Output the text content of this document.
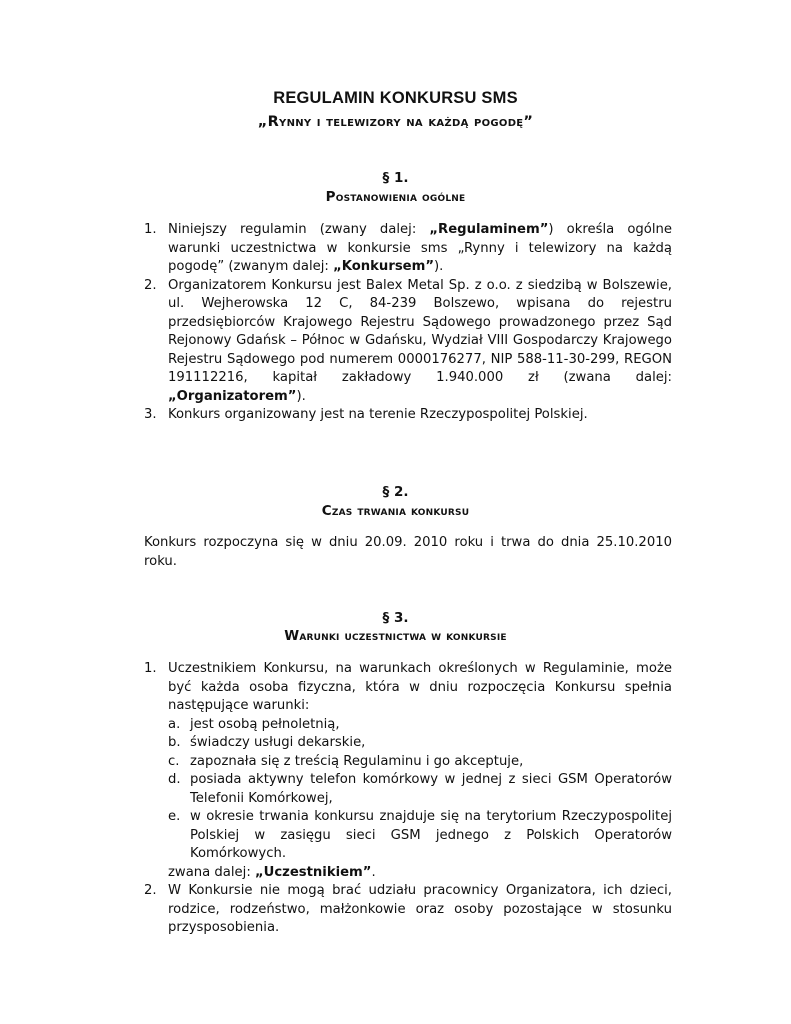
REGULAMIN KONKURSU SMS
„Rynny i telewizory na każdą pogodę”
§ 1.
Postanowienia ogólne
1. Niniejszy regulamin (zwany dalej: „Regulaminem”) określa ogólne warunki uczestnictwa w konkursie sms „Rynny i telewizory na każdą pogodę” (zwanym dalej: „Konkursem”).
2. Organizatorem Konkursu jest Balex Metal Sp. z o.o. z siedzibą w Bolszewie, ul. Wejherowska 12 C, 84-239 Bolszewo, wpisana do rejestru przedsiębiorców Krajowego Rejestru Sądowego prowadzonego przez Sąd Rejonowy Gdańsk – Północ w Gdańsku, Wydział VIII Gospodarczy Krajowego Rejestru Sądowego pod numerem 0000176277, NIP 588-11-30-299, REGON 191112216, kapitał zakładowy 1.940.000 zł (zwana dalej: „Organizatorem”).
3. Konkurs organizowany jest na terenie Rzeczypospolitej Polskiej.
§ 2.
Czas trwania konkursu
Konkurs rozpoczyna się w dniu 20.09. 2010 roku i trwa do dnia 25.10.2010 roku.
§ 3.
Warunki uczestnictwa w konkursie
1. Uczestnikiem Konkursu, na warunkach określonych w Regulaminie, może być każda osoba fizyczna, która w dniu rozpoczęcia Konkursu spełnia następujące warunki:
a. jest osobą pełnoletnią,
b. świadczy usługi dekarskie,
c. zapoznała się z treścią Regulaminu i go akceptuje,
d. posiada aktywny telefon komórkowy w jednej z sieci GSM Operatorów Telefonii Komórkowej,
e. w okresie trwania konkursu znajduje się na terytorium Rzeczypospolitej Polskiej w zasięgu sieci GSM jednego z Polskich Operatorów Komórkowych.
zwana dalej: „Uczestnikiem”.
2. W Konkursie nie mogą brać udziału pracownicy Organizatora, ich dzieci, rodzice, rodzeństwo, małżonkowie oraz osoby pozostające w stosunku przysposobienia.
